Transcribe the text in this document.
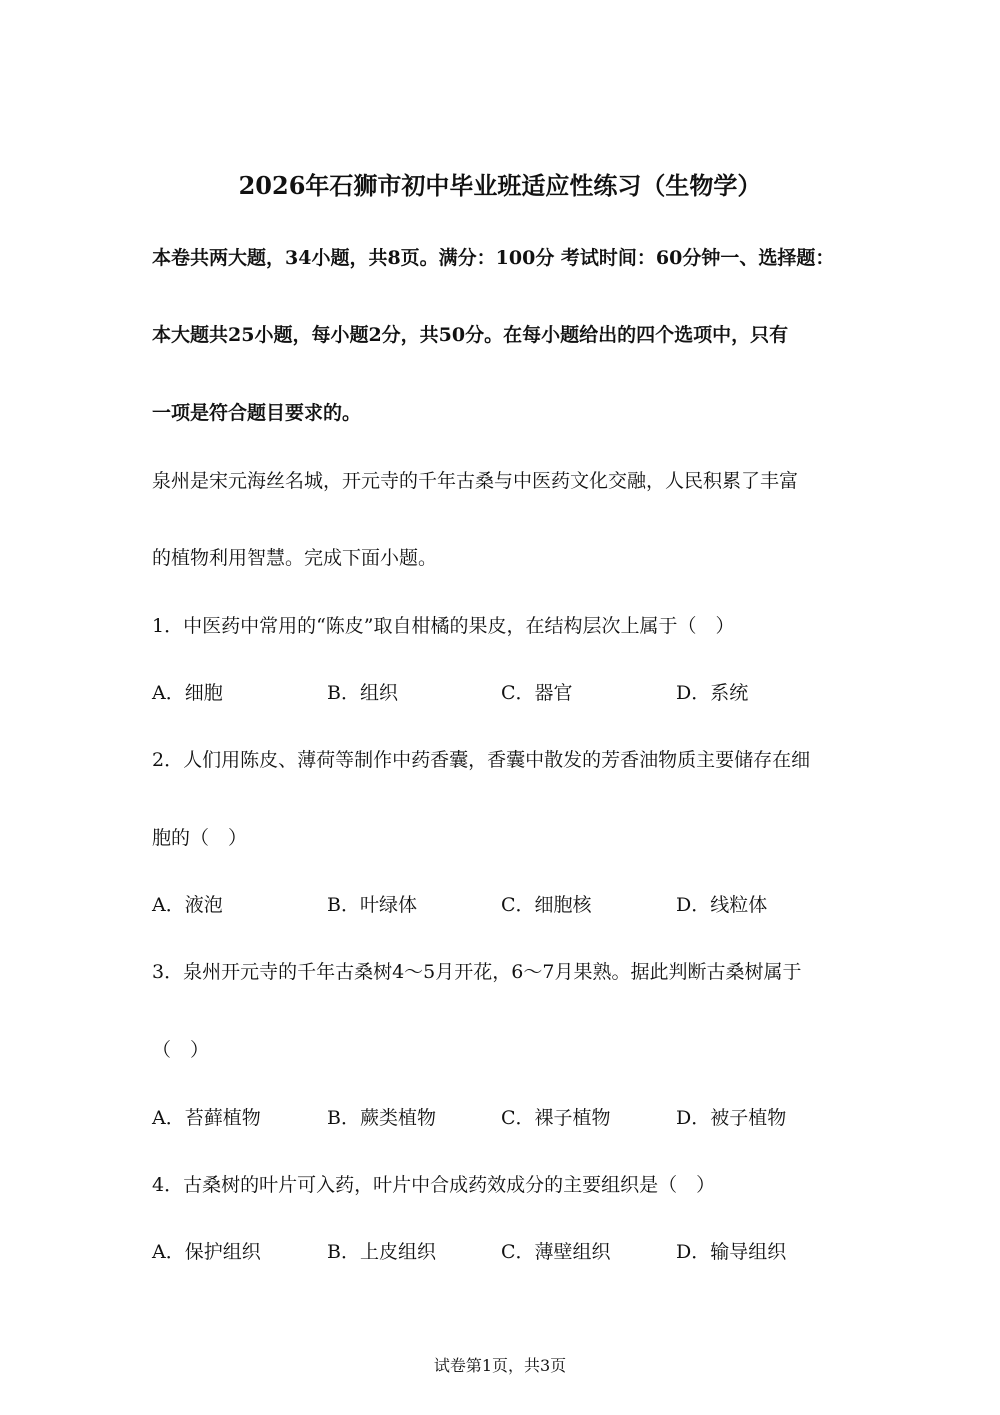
2026年石狮市初中毕业班适应性练习（生物学）
本卷共两大题，34小题，共8页。满分：100分 考试时间：60分钟一、选择题：
本大题共25小题，每小题2分，共50分。在每小题给出的四个选项中，只有
一项是符合题目要求的。
泉州是宋元海丝名城，开元寺的千年古桑与中医药文化交融，人民积累了丰富
的植物利用智慧。完成下面小题。
1．中医药中常用的“陈皮”取自柑橘的果皮，在结构层次上属于（　）
A．细胞	B．组织	C．器官	D．系统
2．人们用陈皮、薄荷等制作中药香囊，香囊中散发的芳香油物质主要储存在细
胞的（　）
A．液泡	B．叶绿体	C．细胞核	D．线粒体
3．泉州开元寺的千年古桑树4～5月开花，6～7月果熟。据此判断古桑树属于
（　）
A．苔藓植物	B．蕨类植物	C．裸子植物	D．被子植物
4．古桑树的叶片可入药，叶片中合成药效成分的主要组织是（　）
A．保护组织	B．上皮组织	C．薄壁组织	D．输导组织
试卷第1页，共3页
